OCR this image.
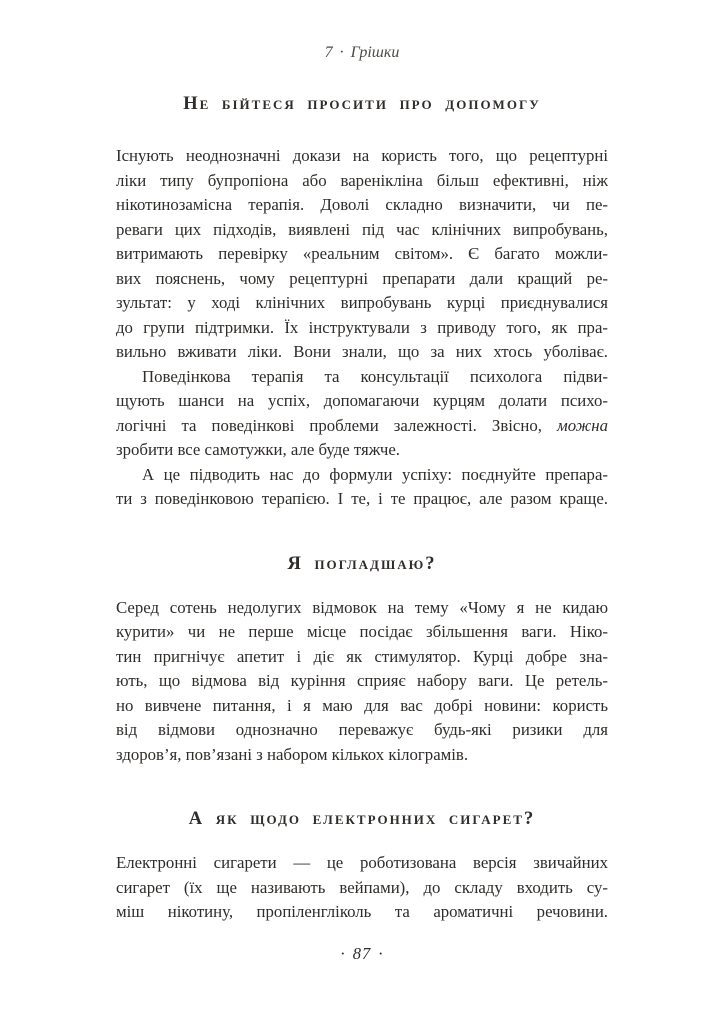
7 · Грішки
Не бійтеся просити про допомогу
Існують неоднозначні докази на користь того, що рецептурні
ліки типу бупропіона або варенікліна більш ефективні, ніж
нікотинозамісна терапія. Доволі складно визначити, чи пе-
реваги цих підходів, виявлені під час клінічних випробувань,
витримають перевірку «реальним світом». Є багато можли-
вих пояснень, чому рецептурні препарати дали кращий ре-
зультат: у ході клінічних випробувань курці приєднувалися
до групи підтримки. Їх інструктували з приводу того, як пра-
вильно вживати ліки. Вони знали, що за них хтось уболіває.
Поведінкова терапія та консультації психолога підви-
щують шанси на успіх, допомагаючи курцям долати психо-
логічні та поведінкові проблеми залежності. Звісно, можна
зробити все самотужки, але буде тяжче.
А це підводить нас до формули успіху: поєднуйте препара-
ти з поведінковою терапією. І те, і те працює, але разом краще.
Я погладшаю?
Серед сотень недолугих відмовок на тему «Чому я не кидаю
курити» чи не перше місце посідає збільшення ваги. Ніко-
тин пригнічує апетит і діє як стимулятор. Курці добре зна-
ють, що відмова від куріння сприяє набору ваги. Це ретель-
но вивчене питання, і я маю для вас добрі новини: користь
від відмови однозначно переважує будь-які ризики для
здоров’я, пов’язані з набором кількох кілограмів.
А як щодо електронних сигарет?
Електронні сигарети — це роботизована версія звичайних
сигарет (їх ще називають вейпами), до складу входить су-
міш нікотину, пропіленгліколь та ароматичні речовини.
· 87 ·
